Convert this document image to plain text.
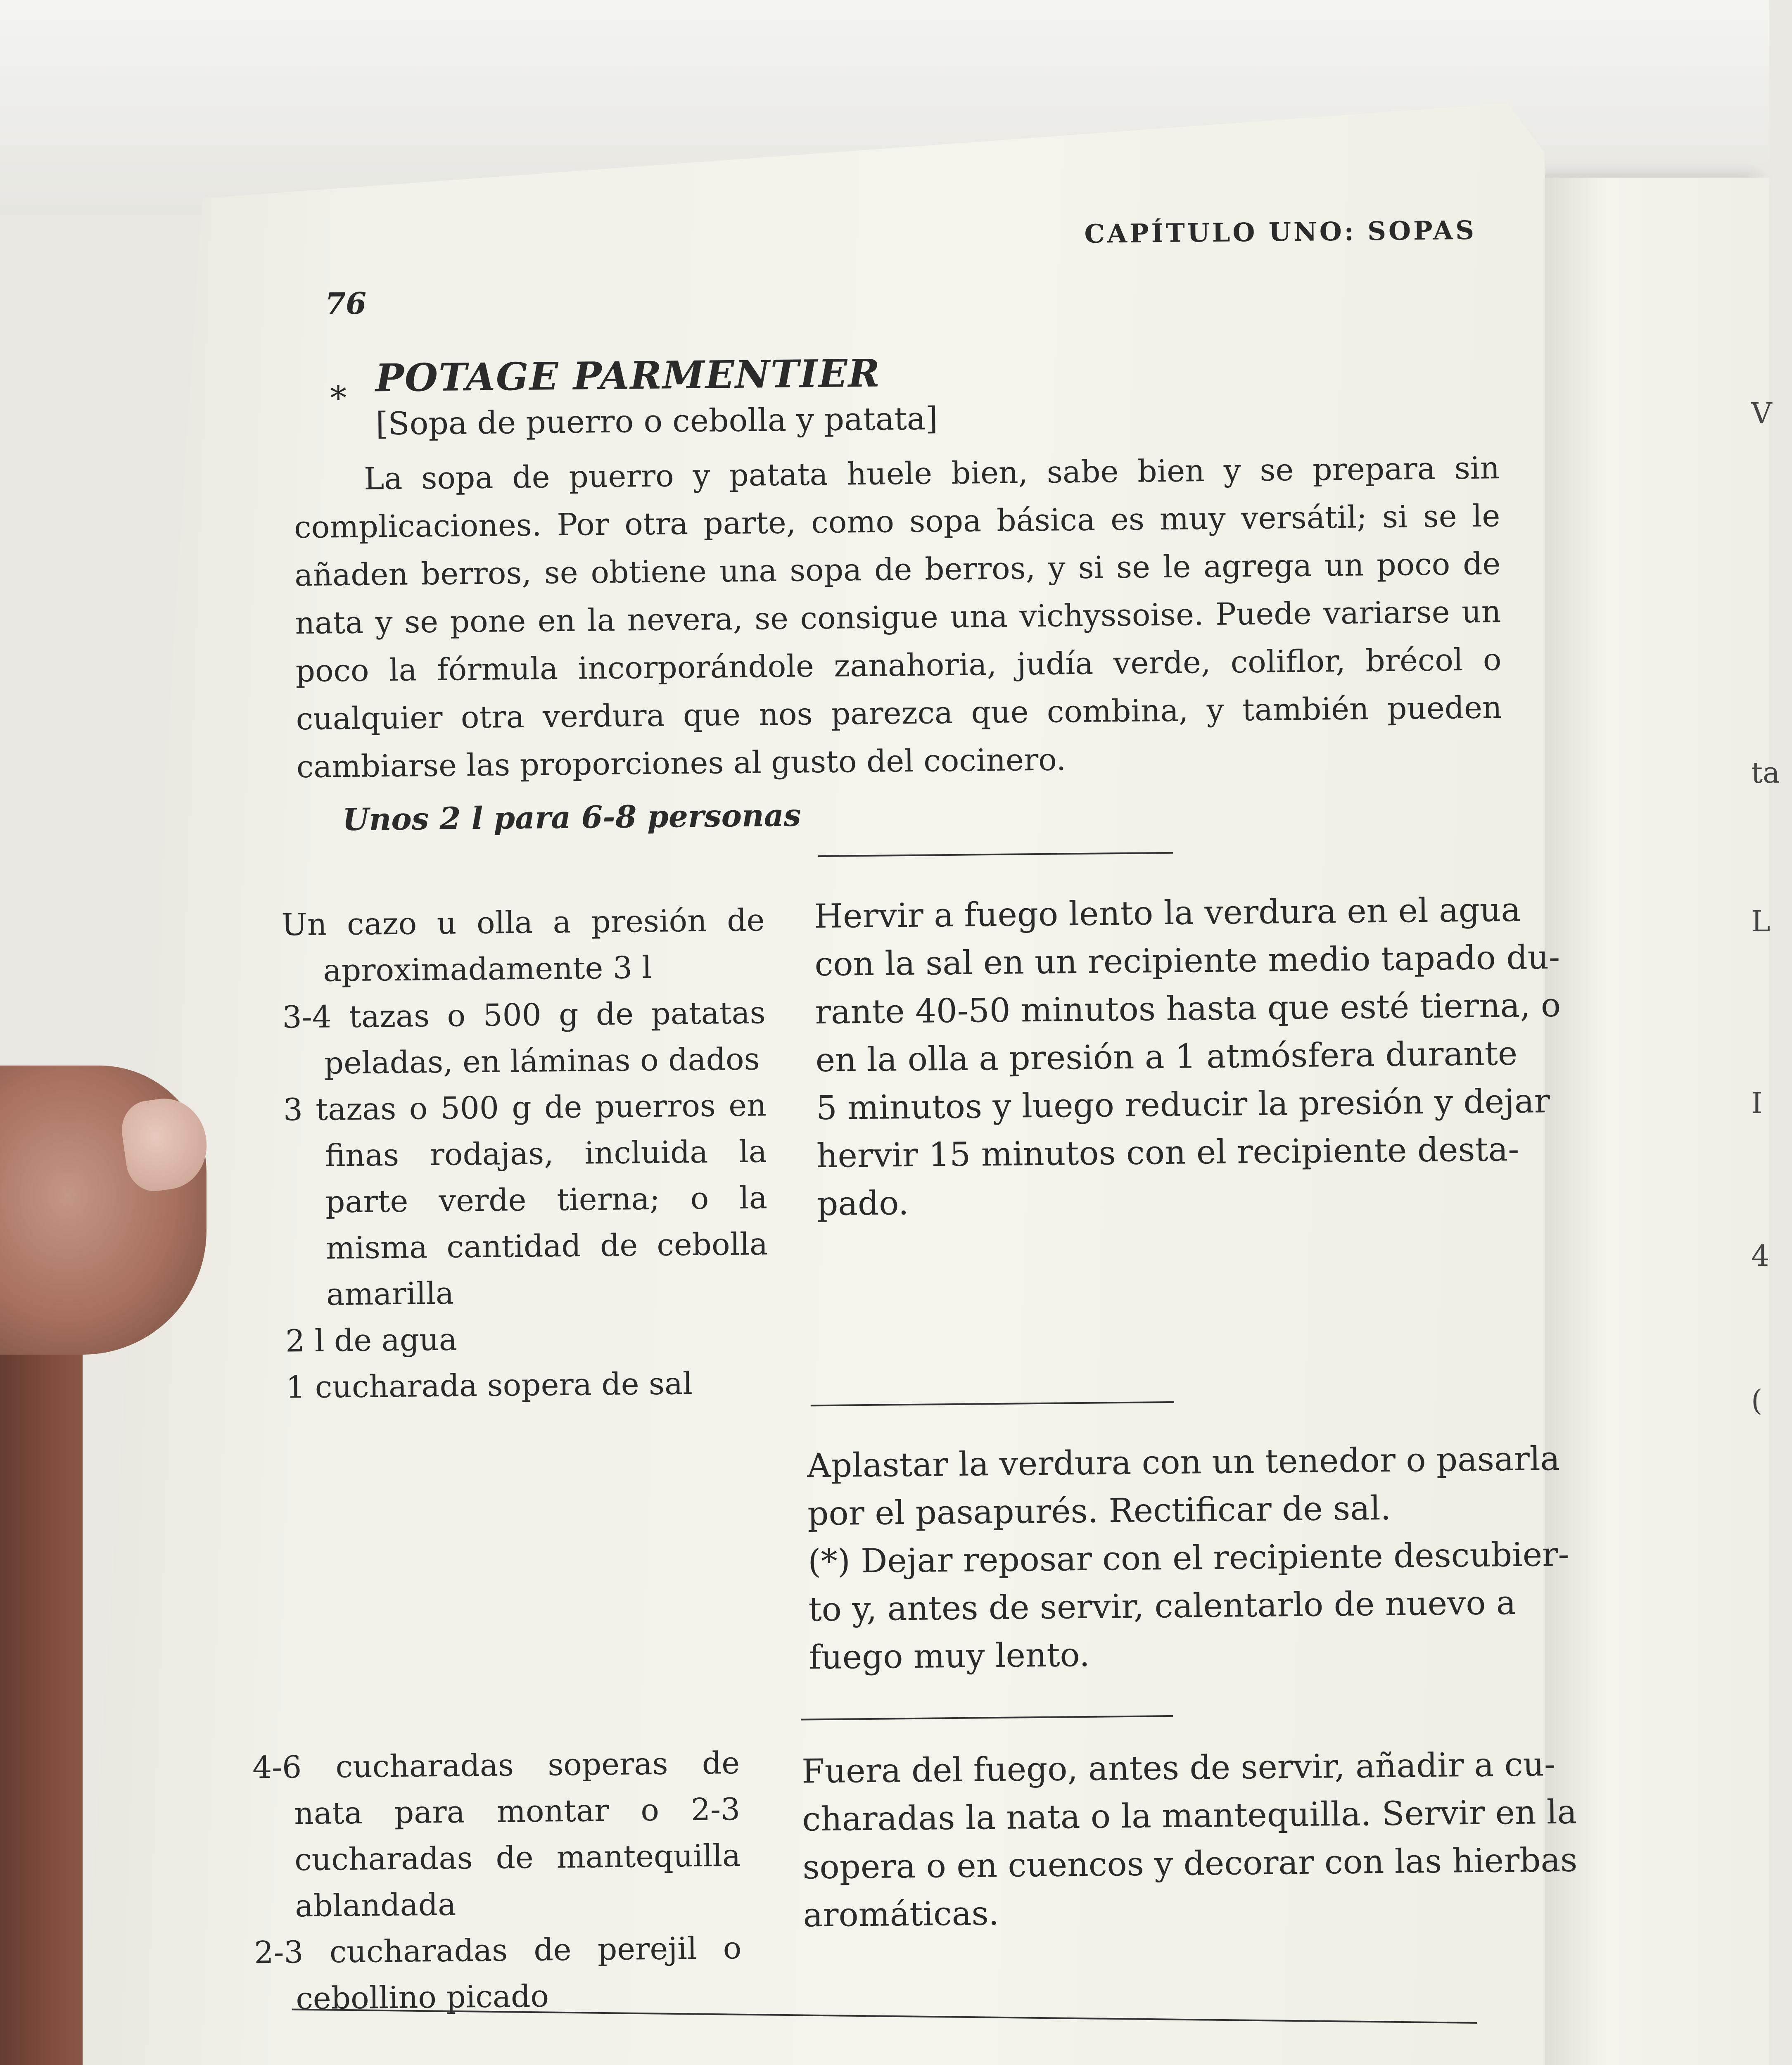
V
ta
L
I
4
(
CAPÍTULO UNO: SOPAS
76
⁎ POTAGE PARMENTIER
[Sopa de puerro o cebolla y patata]
La sopa de puerro y patata huele bien, sabe bien y se prepara sin complicaciones. Por otra parte, como sopa básica es muy versátil; si se le añaden berros, se obtiene una sopa de berros, y si se le agrega un poco de nata y se pone en la nevera, se consigue una vichyssoise. Puede variarse un poco la fórmula incorporándole zanahoria, judía verde, coliflor, brécol o cualquier otra verdura que nos parezca que combina, y también pueden cambiarse las proporciones al gusto del cocinero.
Unos 2 l para 6-8 personas
Un cazo u olla a presión de aproximadamente 3 l
3-4 tazas o 500 g de patatas peladas, en láminas o dados
3 tazas o 500 g de puerros en finas rodajas, incluida la parte verde tierna; o la misma cantidad de cebolla amarilla
2 l de agua
1 cucharada sopera de sal
Hervir a fuego lento la verdura en el agua
con la sal en un recipiente medio tapado du-
rante 40-50 minutos hasta que esté tierna, o
en la olla a presión a 1 atmósfera durante
5 minutos y luego reducir la presión y dejar
hervir 15 minutos con el recipiente desta-
pado.
Aplastar la verdura con un tenedor o pasarla
por el pasapurés. Rectificar de sal.
(*) Dejar reposar con el recipiente descubier-
to y, antes de servir, calentarlo de nuevo a
fuego muy lento.
4-6 cucharadas soperas de nata para montar o 2-3 cucharadas de mantequilla ablandada
2-3 cucharadas de perejil o cebollino picado
Fuera del fuego, antes de servir, añadir a cu-
charadas la nata o la mantequilla. Servir en la
sopera o en cuencos y decorar con las hierbas
aromáticas.
